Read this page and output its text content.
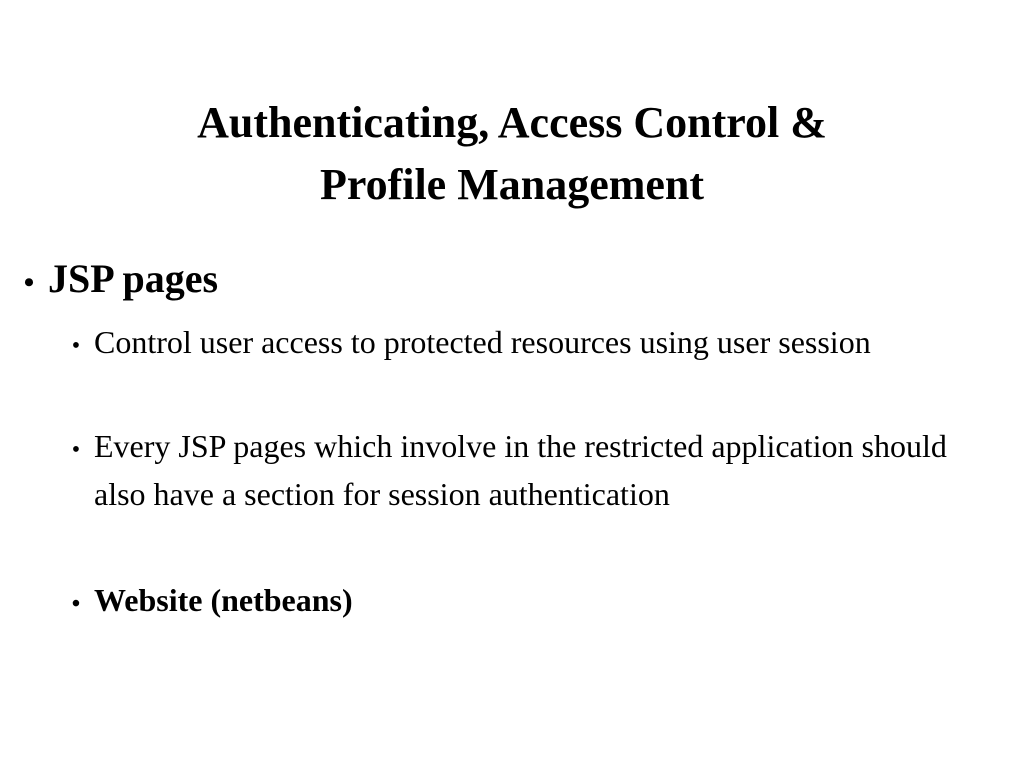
Authenticating, Access Control &
Profile Management
• JSP pages
• Control user access to protected resources using user session
• Every JSP pages which involve in the restricted application should also have a section for session authentication
• Website (netbeans)
